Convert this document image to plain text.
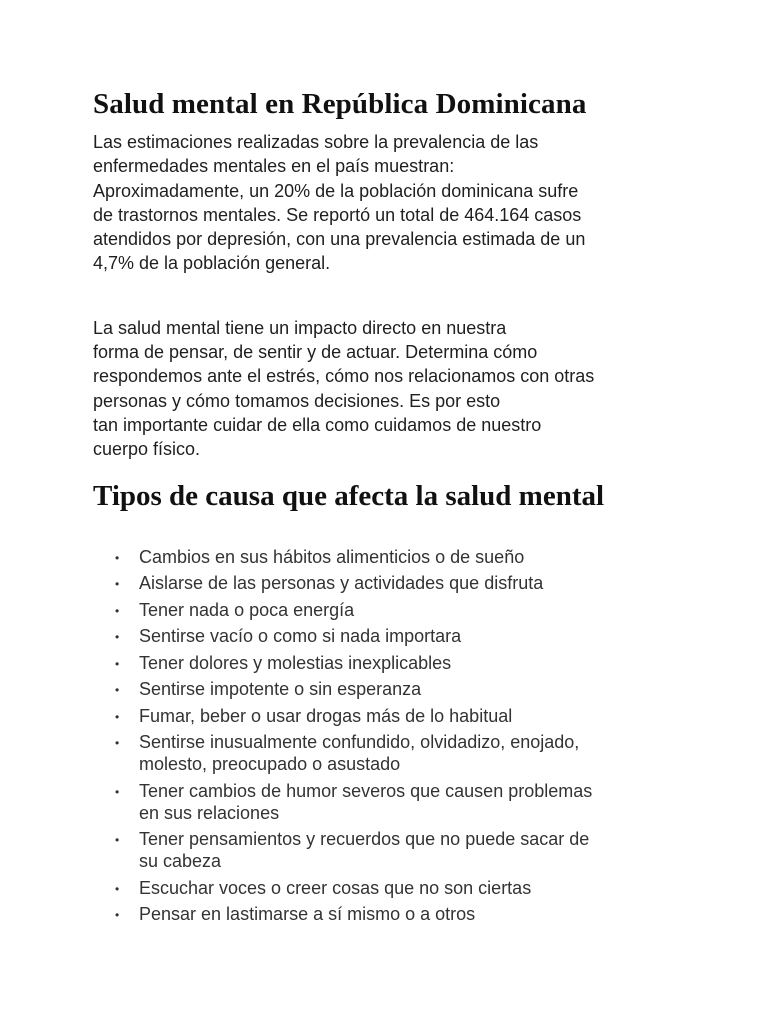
Salud mental en República Dominicana

Las estimaciones realizadas sobre la prevalencia de las
enfermedades mentales en el país muestran:
Aproximadamente, un 20% de la población dominicana sufre
de trastornos mentales. Se reportó un total de 464.164 casos
atendidos por depresión, con una prevalencia estimada de un
4,7% de la población general.

La salud mental tiene un impacto directo en nuestra
forma de pensar, de sentir y de actuar. Determina cómo
respondemos ante el estrés, cómo nos relacionamos con otras
personas y cómo tomamos decisiones. Es por esto
tan importante cuidar de ella como cuidamos de nuestro
cuerpo físico.

Tipos de causa que afecta la salud mental
• Cambios en sus hábitos alimenticios o de sueño
• Aislarse de las personas y actividades que disfruta
• Tener nada o poca energía
• Sentirse vacío o como si nada importara
• Tener dolores y molestias inexplicables
• Sentirse impotente o sin esperanza
• Fumar, beber o usar drogas más de lo habitual
• Sentirse inusualmente confundido, olvidadizo, enojado,
molesto, preocupado o asustado
• Tener cambios de humor severos que causen problemas
en sus relaciones
• Tener pensamientos y recuerdos que no puede sacar de
su cabeza
• Escuchar voces o creer cosas que no son ciertas
• Pensar en lastimarse a sí mismo o a otros
